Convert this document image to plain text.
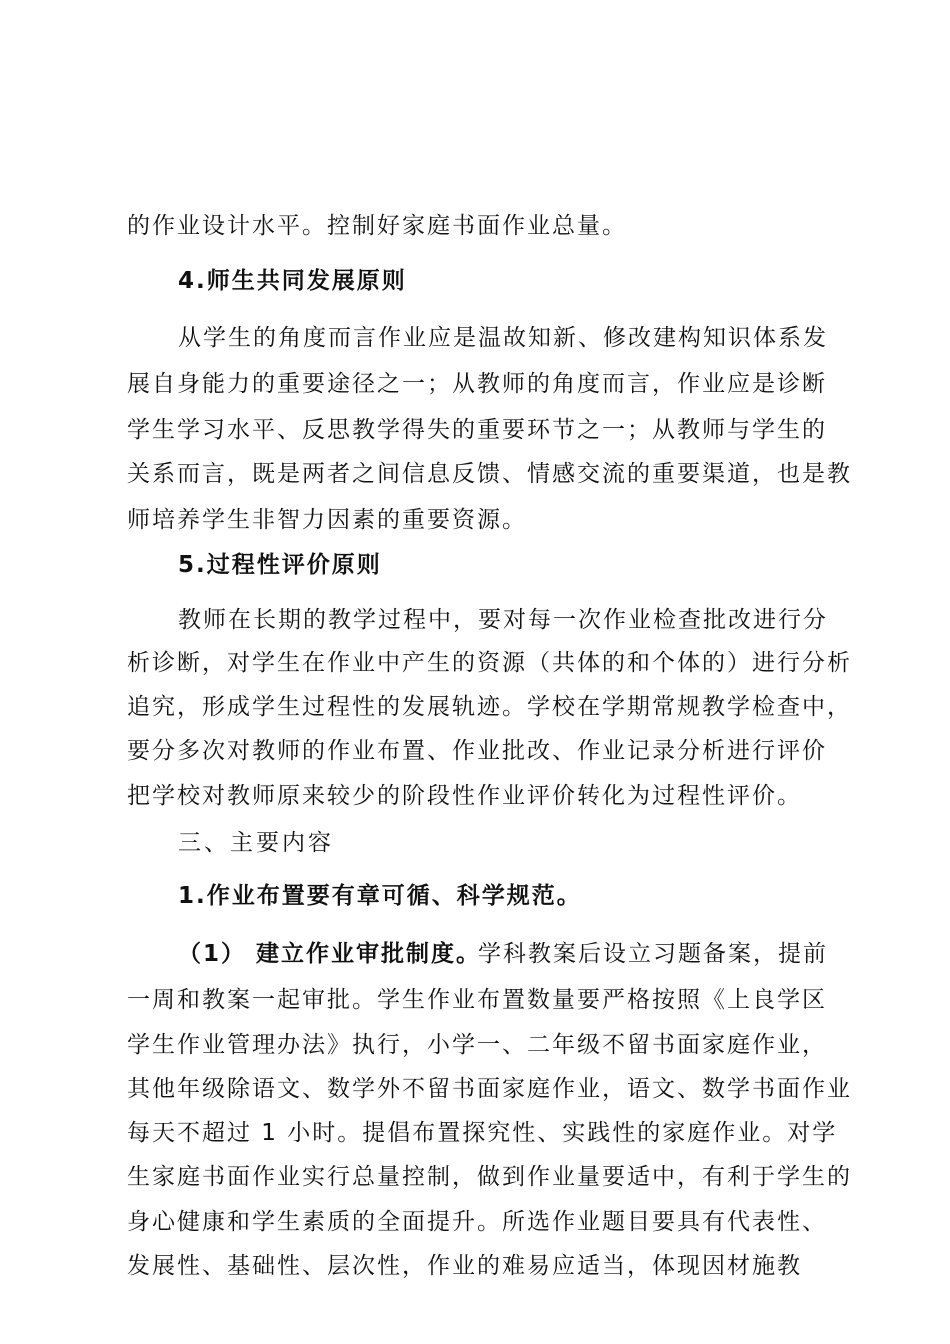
的作业设计水平。控制好家庭书面作业总量。
4.师生共同发展原则
从学生的角度而言作业应是温故知新、修改建构知识体系发
展自身能力的重要途径之一；从教师的角度而言，作业应是诊断
学生学习水平、反思教学得失的重要环节之一；从教师与学生的
关系而言，既是两者之间信息反馈、情感交流的重要渠道，也是教
师培养学生非智力因素的重要资源。
5.过程性评价原则
教师在长期的教学过程中，要对每一次作业检查批改进行分
析诊断，对学生在作业中产生的资源（共体的和个体的）进行分析
追究，形成学生过程性的发展轨迹。学校在学期常规教学检查中，
要分多次对教师的作业布置、作业批改、作业记录分析进行评价
把学校对教师原来较少的阶段性作业评价转化为过程性评价。
三、主要内容
1.作业布置要有章可循、科学规范。
（1） 建立作业审批制度。
学科教案后设立习题备案，提前
一周和教案一起审批。学生作业布置数量要严格按照《上良学区
学生作业管理办法》执行，小学一、二年级不留书面家庭作业，
其他年级除语文、数学外不留书面家庭作业，语文、数学书面作业
每天不超过 1 小时。提倡布置探究性、实践性的家庭作业。对学
生家庭书面作业实行总量控制，做到作业量要适中，有利于学生的
身心健康和学生素质的全面提升。所选作业题目要具有代表性、
发展性、基础性、层次性，作业的难易应适当，体现因材施教
